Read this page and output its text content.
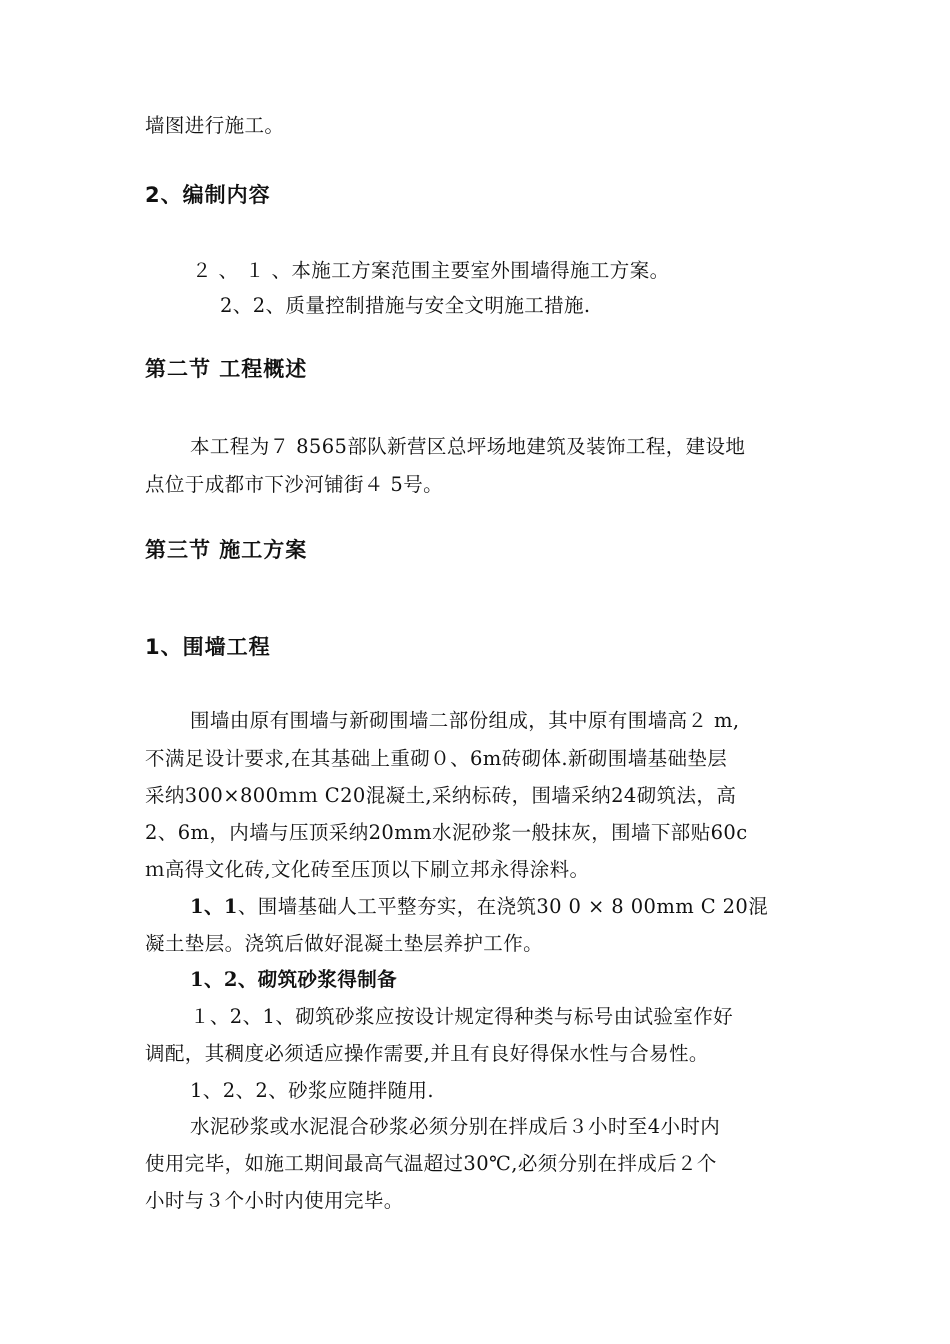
墙图进行施工。
2、编制内容
２ 、 １ 、本施工方案范围主要室外围墙得施工方案。
2、2、质量控制措施与安全文明施工措施.
第二节 工程概述
本工程为７ 8565部队新营区总坪场地建筑及装饰工程，建设地
点位于成都市下沙河铺街４ 5号。
第三节 施工方案
1、围墙工程
围墙由原有围墙与新砌围墙二部份组成，其中原有围墙高２ m,
不满足设计要求,在其基础上重砌０、6m砖砌体.新砌围墙基础垫层
采纳300×800ｍｍ C20混凝土,采纳标砖，围墙采纳24砌筑法，高
2、6m，内墙与压顶采纳20mm水泥砂浆一般抹灰，围墙下部贴60c
ｍ高得文化砖,文化砖至压顶以下刷立邦永得涂料。
1、1、围墙基础人工平整夯实，在浇筑30 0 × 8 00mm C 20混
凝土垫层。浇筑后做好混凝土垫层养护工作。
1、2、砌筑砂浆得制备
１、2、1、砌筑砂浆应按设计规定得种类与标号由试验室作好
调配，其稠度必须适应操作需要,并且有良好得保水性与合易性。
1、2、2、砂浆应随拌随用.
水泥砂浆或水泥混合砂浆必须分别在拌成后３小时至4小时内
使用完毕，如施工期间最高气温超过30℃,必须分别在拌成后２个
小时与３个小时内使用完毕。
